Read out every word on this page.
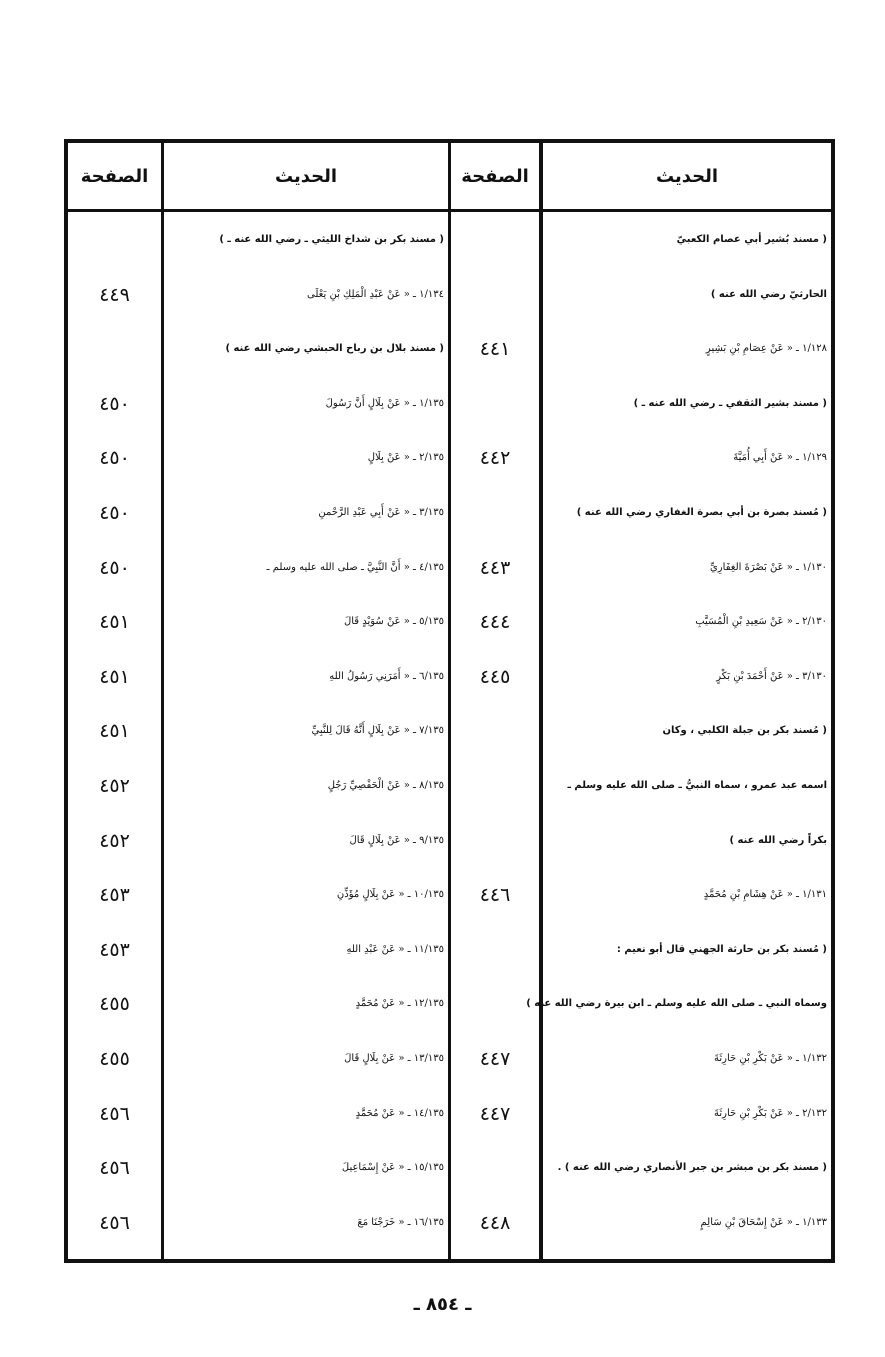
الحديث
الصفحة
الحديث
الصفحة
( مسند بُشير أبي عصام الكعبيّ
الحارثيّ رضي الله عنه )
١/١٢٨ ـ « عَنْ عِصَامِ بْنِ بَشِيرٍ
( مسند بشير الثقفي ـ رضي الله عنه ـ )
١/١٢٩ ـ « عَنْ أَبِي أُمَيَّةَ
( مُسند بصرة بن أبي بصرة الغفاري رضي الله عنه )
١/١٣٠ ـ « عَنْ بَصْرَةَ الغِفَارِيِّ
٢/١٣٠ ـ « عَنْ سَعِيدِ بْنِ الْمُسَيَّبِ
٣/١٣٠ ـ « عَنْ أَحْمَدَ بْنِ بَكْرٍ
( مُسند بكر بن جبلة الكلبي ، وكان
اسمه عبد عمرو ، سماه النبيُّ ـ صلى الله عليه وسلم ـ
بكراً رضي الله عنه )
١/١٣١ ـ « عَنْ هِشَامِ بْنِ مُحَمَّدٍ
( مُسند بكر بن حارثة الجهني قال أبو نعيم :
وسماه النبي ـ صلى الله عليه وسلم ـ ابن بيرة رضي الله عنه )
١/١٣٢ ـ « عَنْ بَكْرِ بْنِ حَارِثَةَ
٢/١٣٢ ـ « عَنْ بَكْرِ بْنِ حَارِثَةَ
( مسند بكر بن مبشر بن جبر الأنصاري رضي الله عنه ) .
١/١٣٣ ـ « عَنْ إِسْحَاقَ بْنِ سَالِمٍ
٤٤١
٤٤٢
٤٤٣
٤٤٤
٤٤٥
٤٤٦
٤٤٧
٤٤٧
٤٤٨
( مسند بكر بن شداخ الليثي ـ رضي الله عنه ـ )
١/١٣٤ ـ « عَنْ عَبْدِ الْمَلِكِ بْنِ يَعْلَى
( مسند بلال بن رباح الحبشي رضي الله عنه )
١/١٣٥ ـ « عَنْ بِلَالٍ أَنَّ رَسُولَ
٢/١٣٥ ـ « عَنْ بِلَالٍ
٣/١٣٥ ـ « عَنْ أَبِي عَبْدِ الرَّحْمنِ
٤/١٣٥ ـ « أَنَّ النَّبِيَّ ـ صلى الله عليه وسلم ـ
٥/١٣٥ ـ « عَنْ سُوَيْدٍ قَالَ
٦/١٣٥ ـ « أَمَرَنِي رَسُولُ اللهِ
٧/١٣٥ ـ « عَنْ بِلَالٍ أَنَّهُ قَالَ لِلنَّبِيِّ
٨/١٣٥ ـ « عَنْ الْحَفْصِيِّ رَجُلٍ
٩/١٣٥ ـ « عَنْ بِلَالٍ قَالَ
١٠/١٣٥ ـ « عَنْ بِلَالٍ مُؤَذِّنِ
١١/١٣٥ ـ « عَنْ عَبْدِ اللهِ
١٢/١٣٥ ـ « عَنْ مُحَمَّدٍ
١٣/١٣٥ ـ « عَنْ بِلَالٍ قَالَ
١٤/١٣٥ ـ « عَنْ مُحَمَّدٍ
١٥/١٣٥ ـ « عَنْ إِسْمَاعِيلَ
١٦/١٣٥ ـ « خَرَجْنَا مَعَ
٤٤٩
٤٥٠
٤٥٠
٤٥٠
٤٥٠
٤٥١
٤٥١
٤٥١
٤٥٢
٤٥٢
٤٥٣
٤٥٣
٤٥٥
٤٥٥
٤٥٦
٤٥٦
٤٥٦
ـ ٨٥٤ ـ
